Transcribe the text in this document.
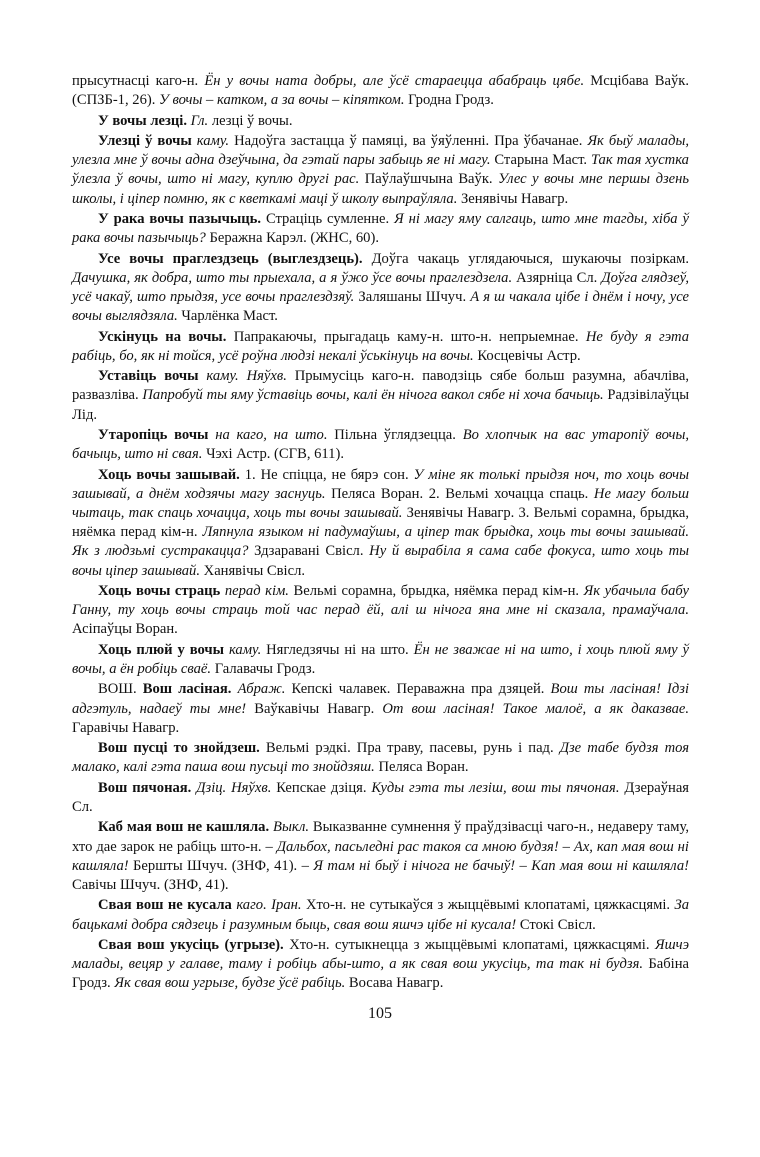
прысутнасці каго-н. Ён у вочы ната добры, але ўсё стараецца абабраць цябе. Мсцібава Ваўк. (СПЗБ-1, 26). У вочы – катком, а за вочы – кіпятком. Гродна Гродз.

У вочы лезці. Гл. лезці ў вочы.

Улезці ў вочы каму. Надоўга застацца ў памяці, ва ўяўленні. Пра ўбачанае. Як быў малады, улезла мне ў вочы адна дзеўчына, да гэтай пары забыць яе ні магу. Старына Маст. Так тая хустка ўлезла ў вочы, што ні магу, куплю другі рас. Паўлаўшчына Ваўк. Улес у вочы мне першы дзень школы, і ціпер помню, як с кветкамі маці ў школу выпраўляла. Зенявічы Навагр.

У рака вочы пазычыць. Страціць сумленне. Я ні магу яму салгаць, што мне тагды, хіба ў рака вочы пазычыць? Беражна Карэл. (ЖНС, 60).

Усе вочы праглездзець (выглездзець). Доўга чакаць углядаючыся, шукаючы позіркам. Дачушка, як добра, што ты прыехала, а я ўжо ўсе вочы праглездзела. Азярніца Сл. Доўга глядзеў, усё чакаў, што прыдзя, усе вочы праглездзяў. Заляшаны Шчуч. А я ш чакала цібе і днём і ночу, усе вочы выглядзяла. Чарлёнка Маст.

Ускінуць на вочы. Папракаючы, прыгадаць каму-н. што-н. непрыемнае. Не буду я гэта рабіць, бо, як ні тойся, усё роўна людзі некалі ўськінуць на вочы. Косцевічы Астр.

Уставіць вочы каму. Няўхв. Прымусіць каго-н. паводзіць сябе больш разумна, абачліва, развазліва. Папробуй ты яму ўставіць вочы, калі ён нічога вакол сябе ні хоча бачыць. Радзівілаўцы Лід.

Утаропіць вочы на каго, на што. Пільна ўглядзецца. Во хлопчык на вас утаропіў вочы, бачыць, што ні свая. Чэхі Астр. (СГВ, 611).

Хоць вочы зашывай. 1. Не спіцца, не бярэ сон. У міне як толькі прыдзя ноч, то хоць вочы зашывай, а днём ходзячы магу заснуць. Пеляса Воран. 2. Вельмі хочацца спаць. Не магу больш чытаць, так спаць хочацца, хоць ты вочы зашывай. Зенявічы Навагр. 3. Вельмі сорамна, брыдка, няёмка перад кім-н. Ляпнула языком ні падумаўшы, а ціпер так брыдка, хоць ты вочы зашывай. Як з людзьмі сустракацца? Здзаравані Свісл. Ну й вырабіла я сама сабе фокуса, што хоць ты вочы ціпер зашывай. Ханявічы Свісл.

Хоць вочы страць перад кім. Вельмі сорамна, брыдка, няёмка перад кім-н. Як убачыла бабу Ганну, ту хоць вочы страць той час перад ёй, алі ш нічога яна мне ні сказала, прамаўчала. Асіпаўцы Воран.

Хоць плюй у вочы каму. Нягледзячы ні на што. Ён не зважае ні на што, і хоць плюй яму ў вочы, а ён робіць сваё. Галавачы Гродз.

ВОШ. Вош ласіная. Абраж. Кепскі чалавек. Пераважна пра дзяцей. Вош ты ласіная! Ідзі адгэтуль, надаеў ты мне! Ваўкавічы Навагр. От вош ласіная! Такое малоё, а як даказвае. Гаравічы Навагр.

Вош пусці то знойдзеш. Вельмі рэдкі. Пра траву, пасевы, рунь і пад. Дзе табе будзя тоя малако, калі гэта паша вош пусьці то знойдзяш. Пеляса Воран.

Вош пячоная. Дзіц. Няўхв. Кепскае дзіця. Куды гэта ты лезіш, вош ты пячоная. Дзераўная Сл.

Каб мая вош не кашляла. Выкл. Выказванне сумнення ў праўдзівасці чаго-н., недаверу таму, хто дае зарок не рабіць што-н. – Дальбох, пасьледні рас такоя са мною будзя! – Ах, кап мая вош ні кашляла! Бершты Шчуч. (ЗНФ, 41). – Я там ні быў і нічога не бачыў! – Кап мая вош ні кашляла! Савічы Шчуч. (ЗНФ, 41).

Свая вош не кусала каго. Іран. Хто-н. не сутыкаўся з жыццёвымі клопатамі, цяжкасцямі. За бацькамі добра сядзець і разумным быць, свая вош яшчэ цібе ні кусала! Стокі Свісл.

Свая вош укусіць (угрызе). Хто-н. сутыкнецца з жыццёвымі клопатамі, цяжкасцямі. Яшчэ малады, вецяр у галаве, таму і робіць абы-што, а як свая вош укусіць, та так ні будзя. Бабіна Гродз. Як свая вош угрызе, будзе ўсё рабіць. Восава Навагр.

105
